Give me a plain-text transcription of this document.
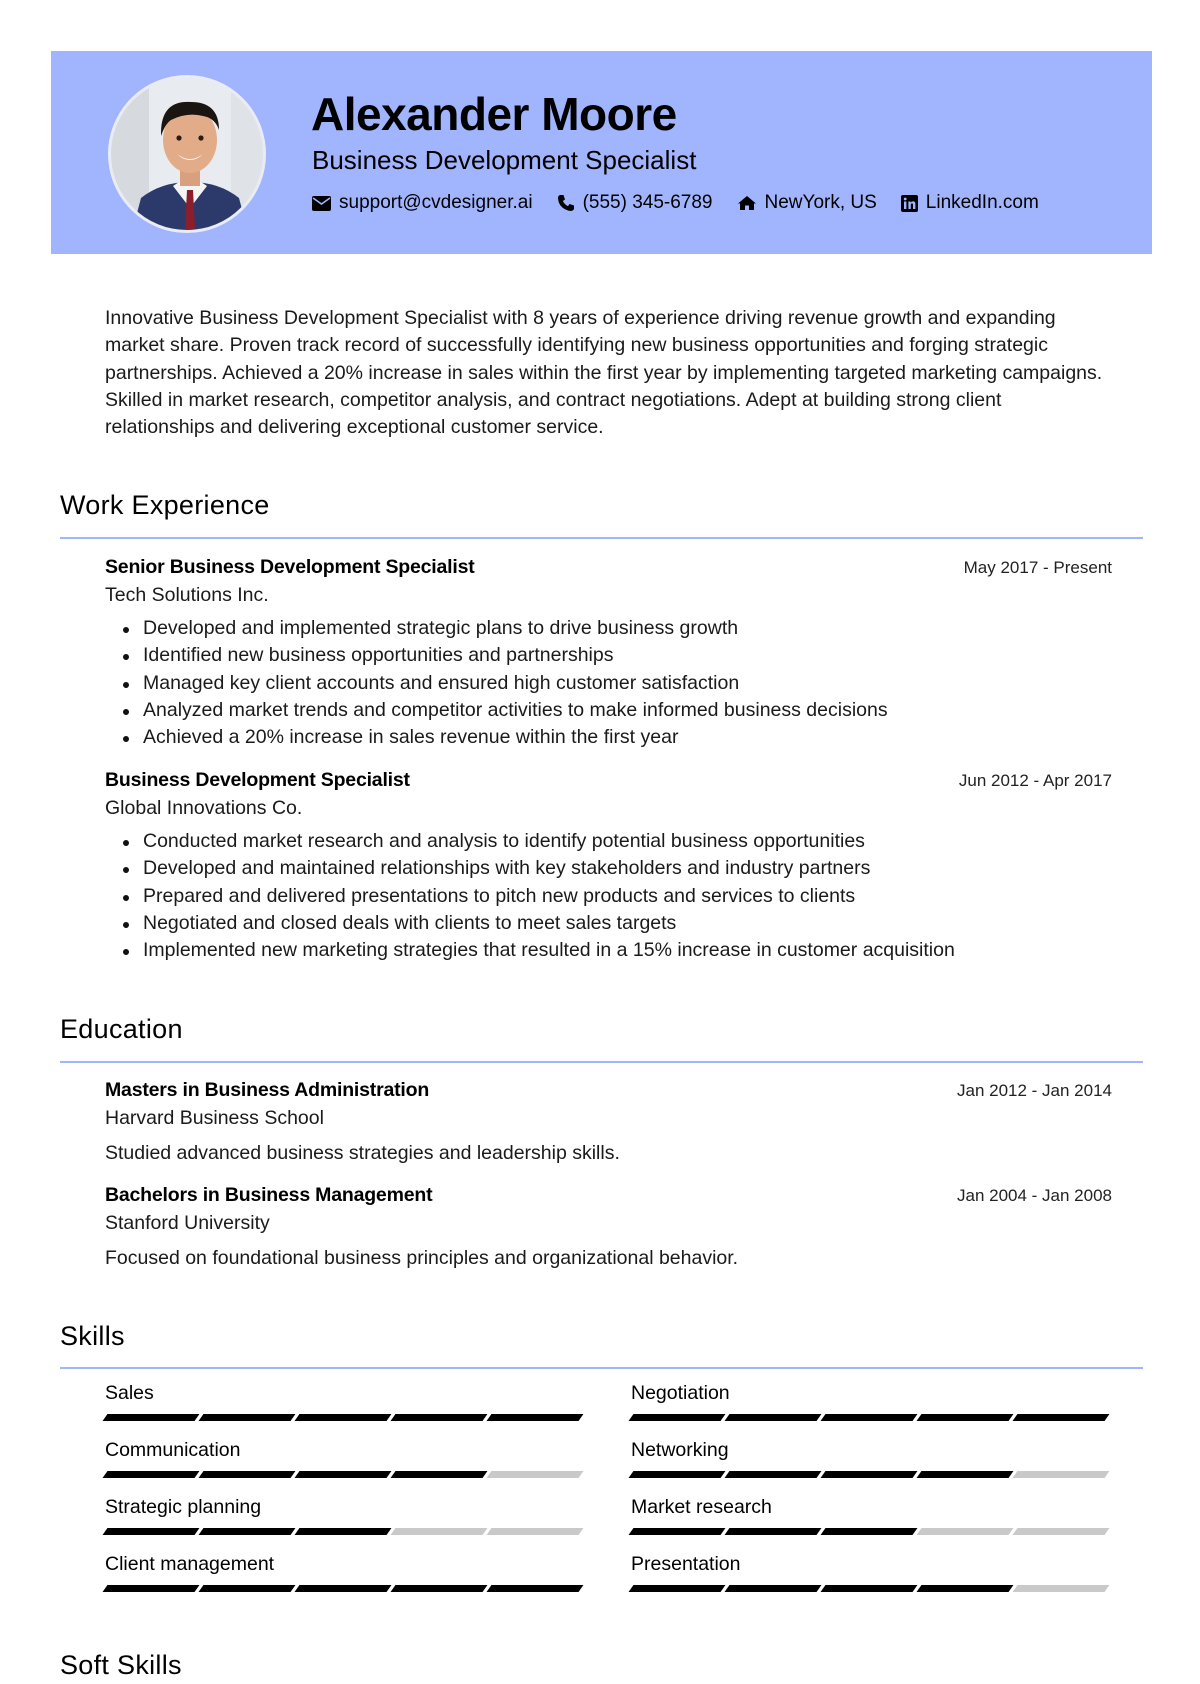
Alexander Moore
Business Development Specialist
support@cvdesigner.ai	(555) 345-6789	NewYork, US	LinkedIn.com
Innovative Business Development Specialist with 8 years of experience driving revenue growth and expanding market share. Proven track record of successfully identifying new business opportunities and forging strategic partnerships. Achieved a 20% increase in sales within the first year by implementing targeted marketing campaigns. Skilled in market research, competitor analysis, and contract negotiations. Adept at building strong client relationships and delivering exceptional customer service.
Work Experience
Senior Business Development Specialist	May 2017 - Present
Tech Solutions Inc.
Developed and implemented strategic plans to drive business growth
Identified new business opportunities and partnerships
Managed key client accounts and ensured high customer satisfaction
Analyzed market trends and competitor activities to make informed business decisions
Achieved a 20% increase in sales revenue within the first year
Business Development Specialist	Jun 2012 - Apr 2017
Global Innovations Co.
Conducted market research and analysis to identify potential business opportunities
Developed and maintained relationships with key stakeholders and industry partners
Prepared and delivered presentations to pitch new products and services to clients
Negotiated and closed deals with clients to meet sales targets
Implemented new marketing strategies that resulted in a 15% increase in customer acquisition
Education
Masters in Business Administration	Jan 2012 - Jan 2014
Harvard Business School
Studied advanced business strategies and leadership skills.
Bachelors in Business Management	Jan 2004 - Jan 2008
Stanford University
Focused on foundational business principles and organizational behavior.
Skills
Sales	Negotiation
Communication	Networking
Strategic planning	Market research
Client management	Presentation
Soft Skills
